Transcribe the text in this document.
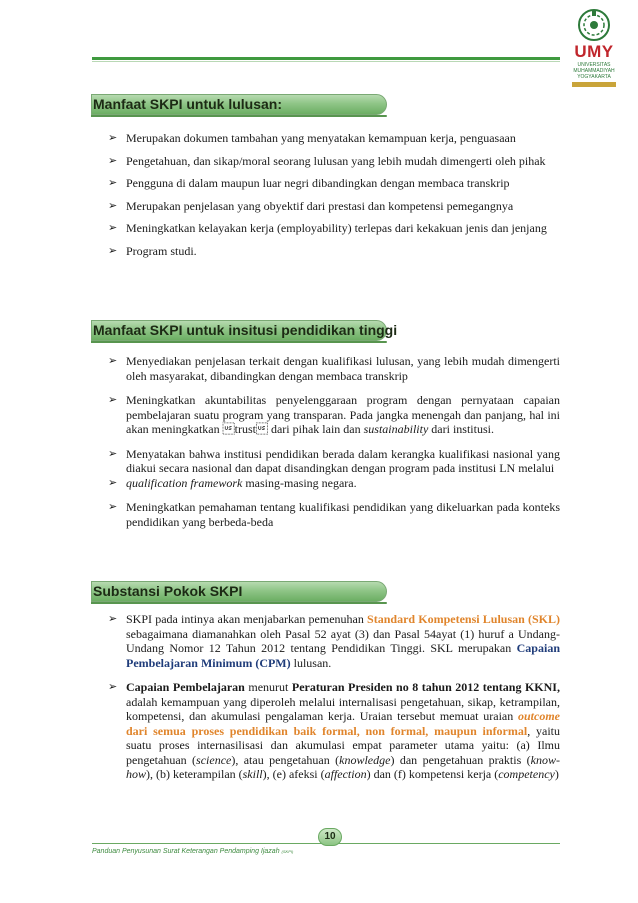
UMY
UNIVERSITAS MUHAMMADIYAH YOGYAKARTA
Manfaat SKPI untuk lulusan:
➢ Merupakan dokumen tambahan yang menyatakan kemampuan kerja, penguasaan
➢ Pengetahuan, dan sikap/moral seorang lulusan yang lebih mudah dimengerti oleh pihak
➢ Pengguna di dalam maupun luar negri dibandingkan dengan membaca transkrip
➢ Merupakan penjelasan yang obyektif dari prestasi dan kompetensi pemegangnya
➢ Meningkatkan kelayakan kerja (employability) terlepas dari kekakuan jenis dan jenjang
➢ Program studi.
Manfaat SKPI untuk insitusi pendidikan tinggi
➢ Menyediakan penjelasan terkait dengan kualifikasi lulusan, yang lebih mudah dimengerti oleh masyarakat, dibandingkan dengan membaca transkrip
➢ Meningkatkan akuntabilitas penyelenggaraan program dengan pernyataan capaian pembelajaran suatu program yang transparan. Pada jangka menengah dan panjang, hal ini akan meningkatkan trust dari pihak lain dan sustainability dari institusi.
➢ Menyatakan bahwa institusi pendidikan berada dalam kerangka kualifikasi nasional yang diakui secara nasional dan dapat disandingkan dengan program pada institusi LN melalui
➢ qualification framework masing-masing negara.
➢ Meningkatkan pemahaman tentang kualifikasi pendidikan yang dikeluarkan pada konteks pendidikan yang berbeda-beda
Substansi Pokok SKPI
➢ SKPI pada intinya akan menjabarkan pemenuhan Standard Kompetensi Lulusan (SKL) sebagaimana diamanahkan oleh Pasal 52 ayat (3) dan Pasal 54ayat (1) huruf a Undang-Undang Nomor 12 Tahun 2012 tentang Pendidikan Tinggi. SKL merupakan Capaian Pembelajaran Minimum (CPM) lulusan.
➢ Capaian Pembelajaran menurut Peraturan Presiden no 8 tahun 2012 tentang KKNI, adalah kemampuan yang diperoleh melalui internalisasi pengetahuan, sikap, ketrampilan, kompetensi, dan akumulasi pengalaman kerja. Uraian tersebut memuat uraian outcome dari semua proses pendidikan baik formal, non formal, maupun informal, yaitu suatu proses internasilisasi dan akumulasi empat parameter utama yaitu: (a) Ilmu pengetahuan (science), atau pengetahuan (knowledge) dan pengetahuan praktis (know-how), (b) keterampilan (skill), (e) afeksi (affection) dan (f) kompetensi kerja (competency)
10
Panduan Penyusunan Surat Keterangan Pendamping Ijazah (SKPI)
